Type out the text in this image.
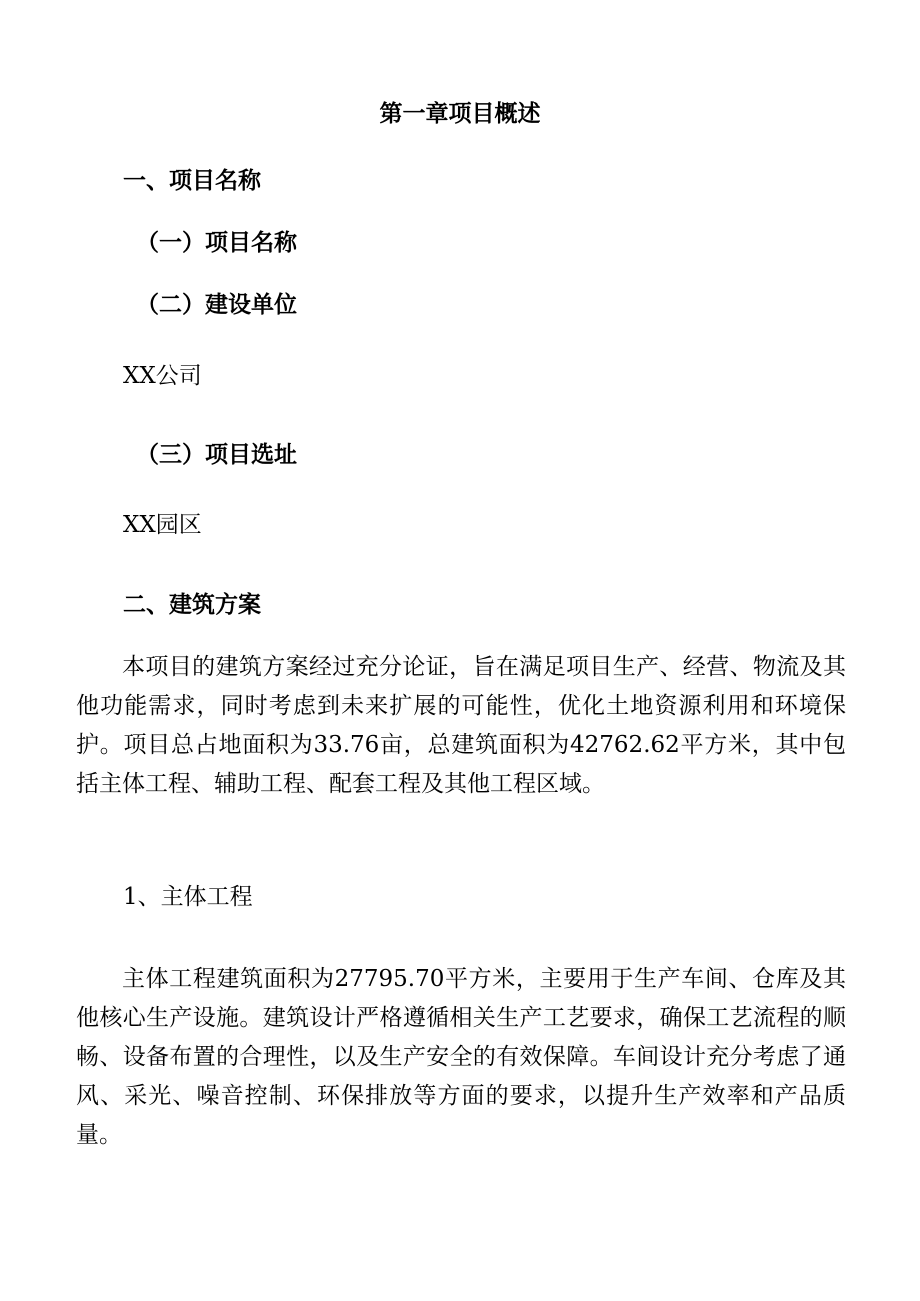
第一章项目概述
一、项目名称
（一）项目名称
（二）建设单位

XX公司

（三）项目选址

XX园区

二、建筑方案

本项目的建筑方案经过充分论证，旨在满足项目生产、经营、物流及其他功能需求，同时考虑到未来扩展的可能性，优化土地资源利用和环境保护。项目总占地面积为33.76亩，总建筑面积为42762.62平方米，其中包括主体工程、辅助工程、配套工程及其他工程区域。

1、主体工程

主体工程建筑面积为27795.70平方米，主要用于生产车间、仓库及其他核心生产设施。建筑设计严格遵循相关生产工艺要求，确保工艺流程的顺畅、设备布置的合理性，以及生产安全的有效保障。车间设计充分考虑了通风、采光、噪音控制、环保排放等方面的要求，以提升生产效率和产品质量。
